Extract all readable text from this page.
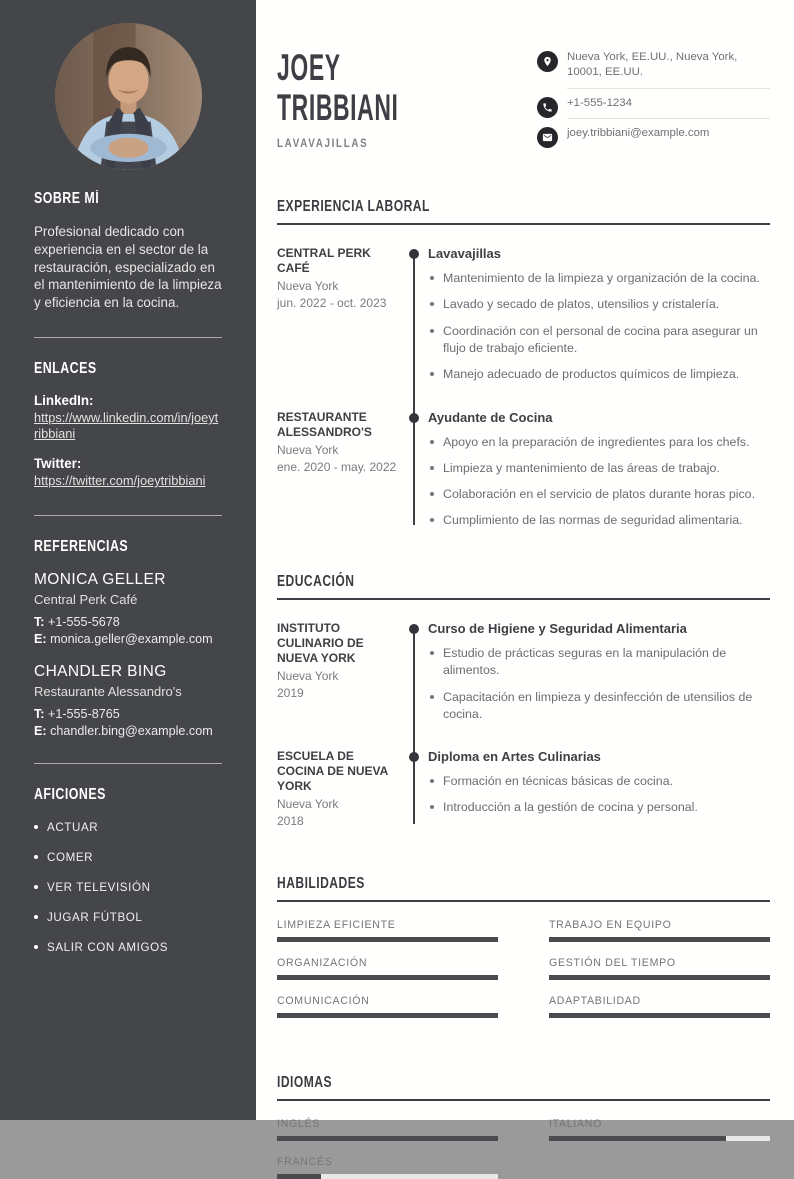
SOBRE MÍ

Profesional dedicado con experiencia en el sector de la restauración, especializado en el mantenimiento de la limpieza y eficiencia en la cocina.

ENLACES
LinkedIn:
https://www.linkedin.com/in/joeytribbiani
Twitter:
https://twitter.com/joeytribbiani
REFERENCIAS
MONICA GELLER
Central Perk Café
T: +1-555-5678
E: monica.geller@example.com
CHANDLER BING
Restaurante Alessandro's
T: +1-555-8765
E: chandler.bing@example.com
AFICIONES
ACTUAR
COMER
VER TELEVISIÓN
JUGAR FÚTBOL
SALIR CON AMIGOS
JOEY
TRIBBIANI
LAVAVAJILLAS
Nueva York, EE.UU., Nueva York, 10001, EE.UU.
+1-555-1234
joey.tribbiani@example.com
EXPERIENCIA LABORAL
CENTRAL PERK CAFÉ
Nueva York
jun. 2022 - oct. 2023
Lavavajillas
Mantenimiento de la limpieza y organización de la cocina.
Lavado y secado de platos, utensilios y cristalería.
Coordinación con el personal de cocina para asegurar un flujo de trabajo eficiente.
Manejo adecuado de productos químicos de limpieza.
RESTAURANTE ALESSANDRO'S
Nueva York
ene. 2020 - may. 2022
Ayudante de Cocina
Apoyo en la preparación de ingredientes para los chefs.
Limpieza y mantenimiento de las áreas de trabajo.
Colaboración en el servicio de platos durante horas pico.
Cumplimiento de las normas de seguridad alimentaria.
EDUCACIÓN
INSTITUTO CULINARIO DE NUEVA YORK
Nueva York
2019
Curso de Higiene y Seguridad Alimentaria
Estudio de prácticas seguras en la manipulación de alimentos.
Capacitación en limpieza y desinfección de utensilios de cocina.
ESCUELA DE COCINA DE NUEVA YORK
Nueva York
2018
Diploma en Artes Culinarias
Formación en técnicas básicas de cocina.
Introducción a la gestión de cocina y personal.
HABILIDADES
LIMPIEZA EFICIENTE	TRABAJO EN EQUIPO
ORGANIZACIÓN	GESTIÓN DEL TIEMPO
COMUNICACIÓN	ADAPTABILIDAD
IDIOMAS
INGLÉS	ITALIANO
FRANCÉS
